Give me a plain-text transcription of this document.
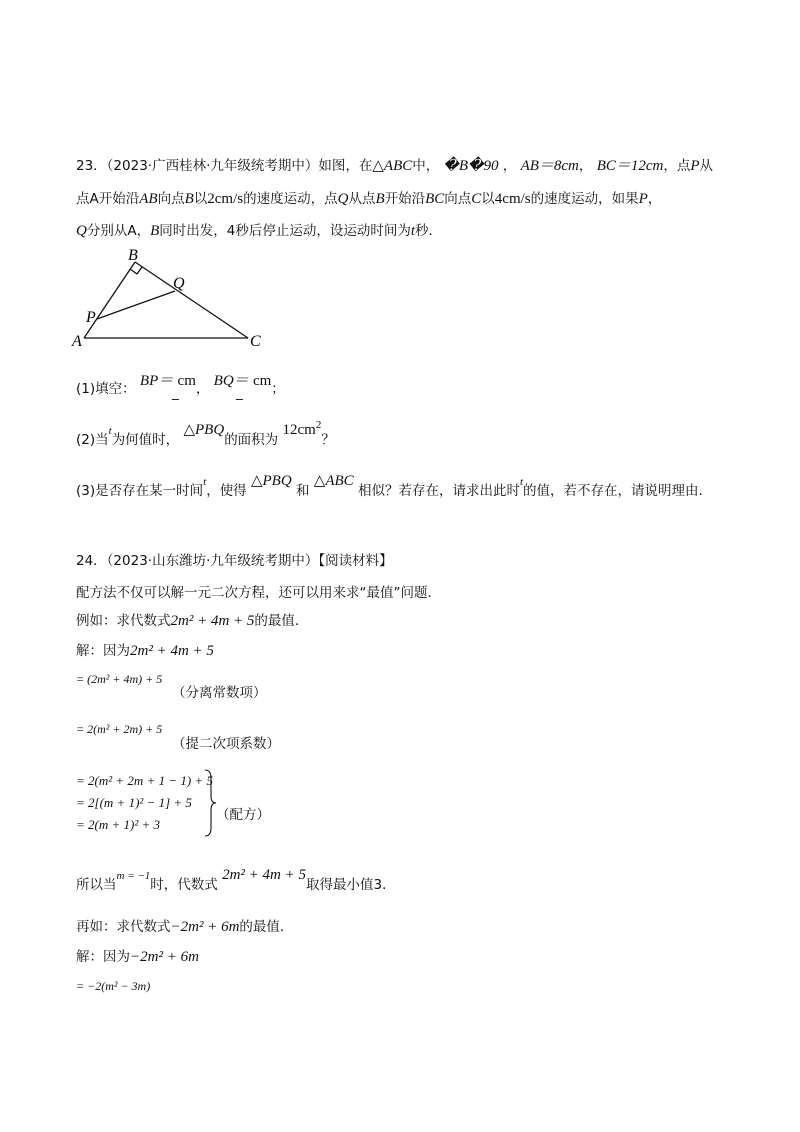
23．（2023·广西桂林·九年级统考期中）如图，在△ABC中， �B�90 ， AB＝8cm， BC＝12cm，点P从
点A开始沿AB向点B以2cm/s的速度运动，点Q从点B开始沿BC向点C以4cm/s的速度运动，如果P，
Q分别从A，B同时出发，4秒后停止运动，设运动时间为t秒．
B
Q
P
A	C
(1)填空： BP＝ cm， BQ＝ cm；
_	_
(2)当$^t$为何值时， △PBQ的面积为 $12cm^2$？
(3)是否存在某一时间$^t$，使得 △PBQ 和 △ABC 相似？若存在，请求出此时$^t$的值，若不存在，请说明理由．
24．（2023·山东潍坊·九年级统考期中）【阅读材料】
配方法不仅可以解一元二次方程，还可以用来求“最值”问题．
例如：求代数式2m² + 4m + 5的最值．
解：因为2m² + 4m + 5
= (2m² + 4m) + 5
（分离常数项）
= 2(m² + 2m) + 5
（提二次项系数）
= 2(m² + 2m + 1 − 1) + 5
= 2[(m + 1)² − 1] + 5
= 2(m + 1)² + 3
（配方）
所以当$^{m = -1}$时，代数式 2m² + 4m + 5取得最小值3．
再如：求代数式−2m² + 6m的最值．
解：因为−2m² + 6m
= −2(m² − 3m)
